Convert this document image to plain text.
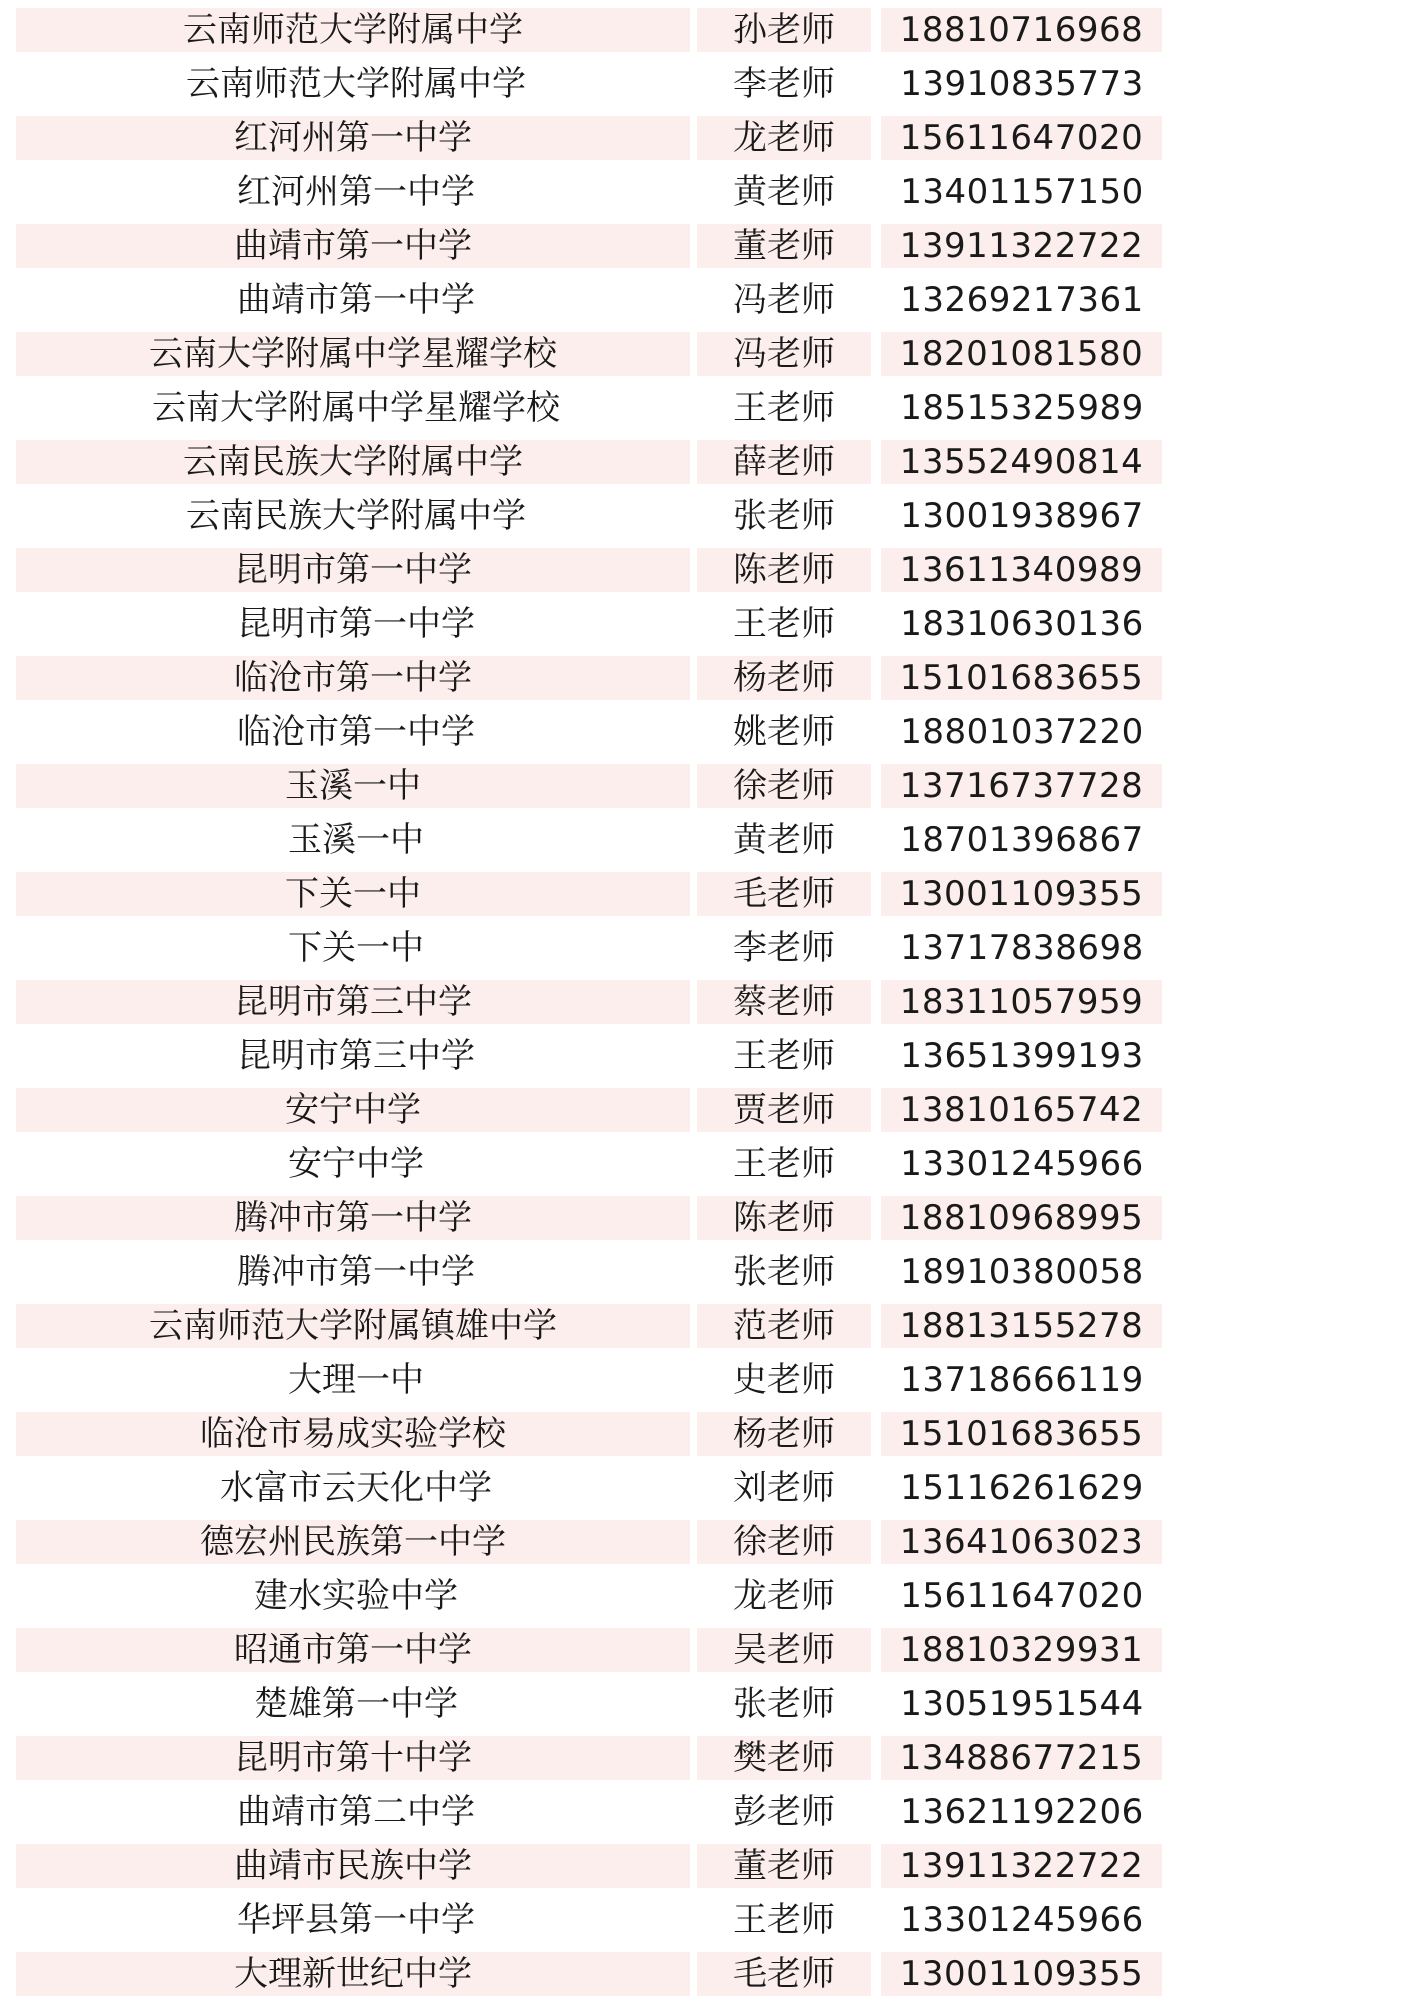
云南师范大学附属中学	孙老师	18810716968
云南师范大学附属中学	李老师	13910835773
红河州第一中学	龙老师	15611647020
红河州第一中学	黄老师	13401157150
曲靖市第一中学	董老师	13911322722
曲靖市第一中学	冯老师	13269217361
云南大学附属中学星耀学校	冯老师	18201081580
云南大学附属中学星耀学校	王老师	18515325989
云南民族大学附属中学	薛老师	13552490814
云南民族大学附属中学	张老师	13001938967
昆明市第一中学	陈老师	13611340989
昆明市第一中学	王老师	18310630136
临沧市第一中学	杨老师	15101683655
临沧市第一中学	姚老师	18801037220
玉溪一中	徐老师	13716737728
玉溪一中	黄老师	18701396867
下关一中	毛老师	13001109355
下关一中	李老师	13717838698
昆明市第三中学	蔡老师	18311057959
昆明市第三中学	王老师	13651399193
安宁中学	贾老师	13810165742
安宁中学	王老师	13301245966
腾冲市第一中学	陈老师	18810968995
腾冲市第一中学	张老师	18910380058
云南师范大学附属镇雄中学	范老师	18813155278
大理一中	史老师	13718666119
临沧市易成实验学校	杨老师	15101683655
水富市云天化中学	刘老师	15116261629
德宏州民族第一中学	徐老师	13641063023
建水实验中学	龙老师	15611647020
昭通市第一中学	吴老师	18810329931
楚雄第一中学	张老师	13051951544
昆明市第十中学	樊老师	13488677215
曲靖市第二中学	彭老师	13621192206
曲靖市民族中学	董老师	13911322722
华坪县第一中学	王老师	13301245966
大理新世纪中学	毛老师	13001109355
